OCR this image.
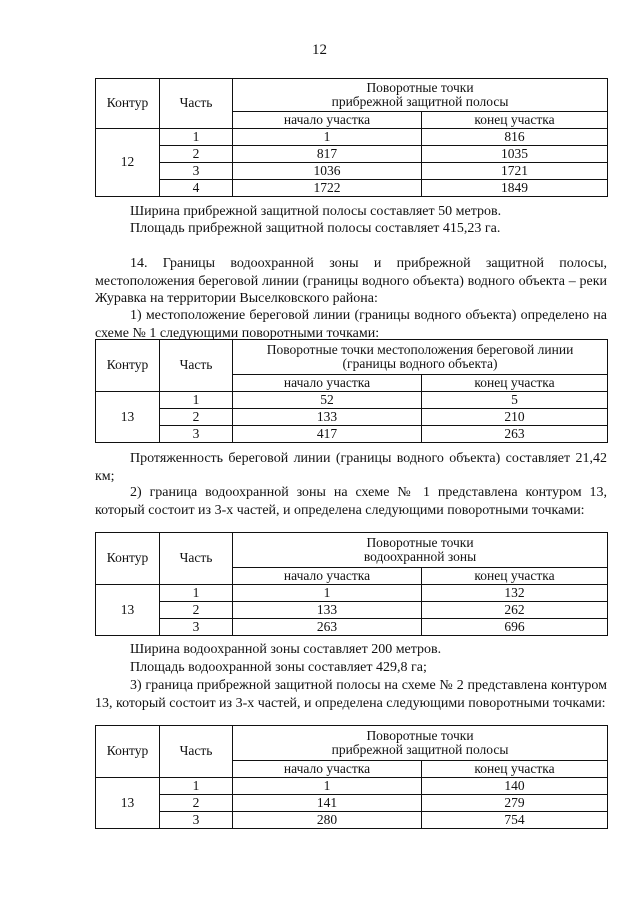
12
Контур	Часть	Поворотные точки
прибрежной защитной полосы	

		начало участка	конец участка
12	1	1	816
	2	817	1035
	3	1036	1721
	4	1722	1849

Ширина прибрежной защитной полосы составляет 50 метров.

Площадь прибрежной защитной полосы составляет 415,23 га.

14. Границы водоохранной зоны и прибрежной защитной полосы, местоположения береговой линии (границы водного объекта) водного объекта – реки Журавка на территории Выселковского района:

1) местоположение береговой линии (границы водного объекта) определено на схеме № 1 следующими поворотными точками:

Контур	Часть	Поворотные точки местоположения береговой линии
(границы водного объекта)	

		начало участка	конец участка
13	1	52	5
	2	133	210
	3	417	263

Протяженность береговой линии (границы водного объекта) составляет 21,42 км;

2) граница водоохранной зоны на схеме № 1 представлена контуром 13, который состоит из 3-х частей, и определена следующими поворотными точками:

Контур	Часть	Поворотные точки
водоохранной зоны	

		начало участка	конец участка
13	1	1	132
	2	133	262
	3	263	696

Ширина водоохранной зоны составляет 200 метров.

Площадь водоохранной зоны составляет 429,8 га;

3) граница прибрежной защитной полосы на схеме № 2 представлена контуром 13, который состоит из 3-х частей, и определена следующими поворотными точками:

Контур	Часть	Поворотные точки
прибрежной защитной полосы	

		начало участка	конец участка
13	1	1	140
	2	141	279
	3	280	754
